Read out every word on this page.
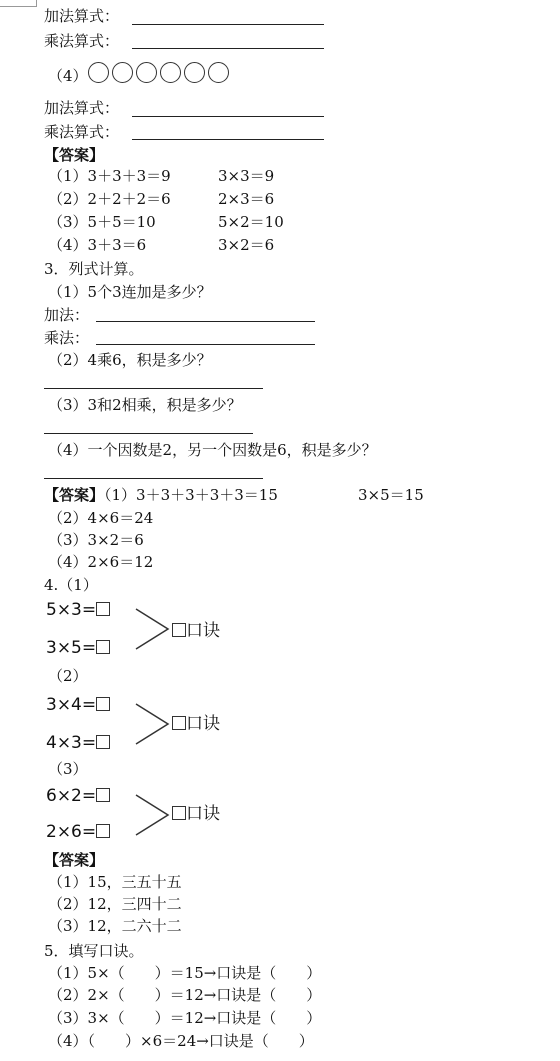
加法算式：
乘法算式：
（4）
加法算式：
乘法算式：
【答案】
（1）3＋3＋3＝9	3×3＝9
（2）2＋2＋2＝6	2×3＝6
（3）5＋5＝10	5×2＝10
（4）3＋3＝6	3×2＝6
3．列式计算。
（1）5个3连加是多少？
加法：
乘法：
（2）4乘6，积是多少？
（3）3和2相乘，积是多少？
（4）一个因数是2，另一个因数是6，积是多少？
【答案】（1）3＋3＋3＋3＋3＝15	3×5＝15
（2）4×6＝24
（3）3×2＝6
（4）2×6＝12
4.（1）
5×3=
3×5=
口诀
（2）
3×4=
4×3=
口诀
（3）
6×2=
2×6=
口诀
【答案】
（1）15，三五十五
（2）12，三四十二
（3）12，二六十二
5．填写口诀。
（1）5×（　　）＝15→口诀是（　　）
（2）2×（　　）＝12→口诀是（　　）
（3）3×（　　）＝12→口诀是（　　）
（4）（　　）×6＝24→口诀是（　　）
